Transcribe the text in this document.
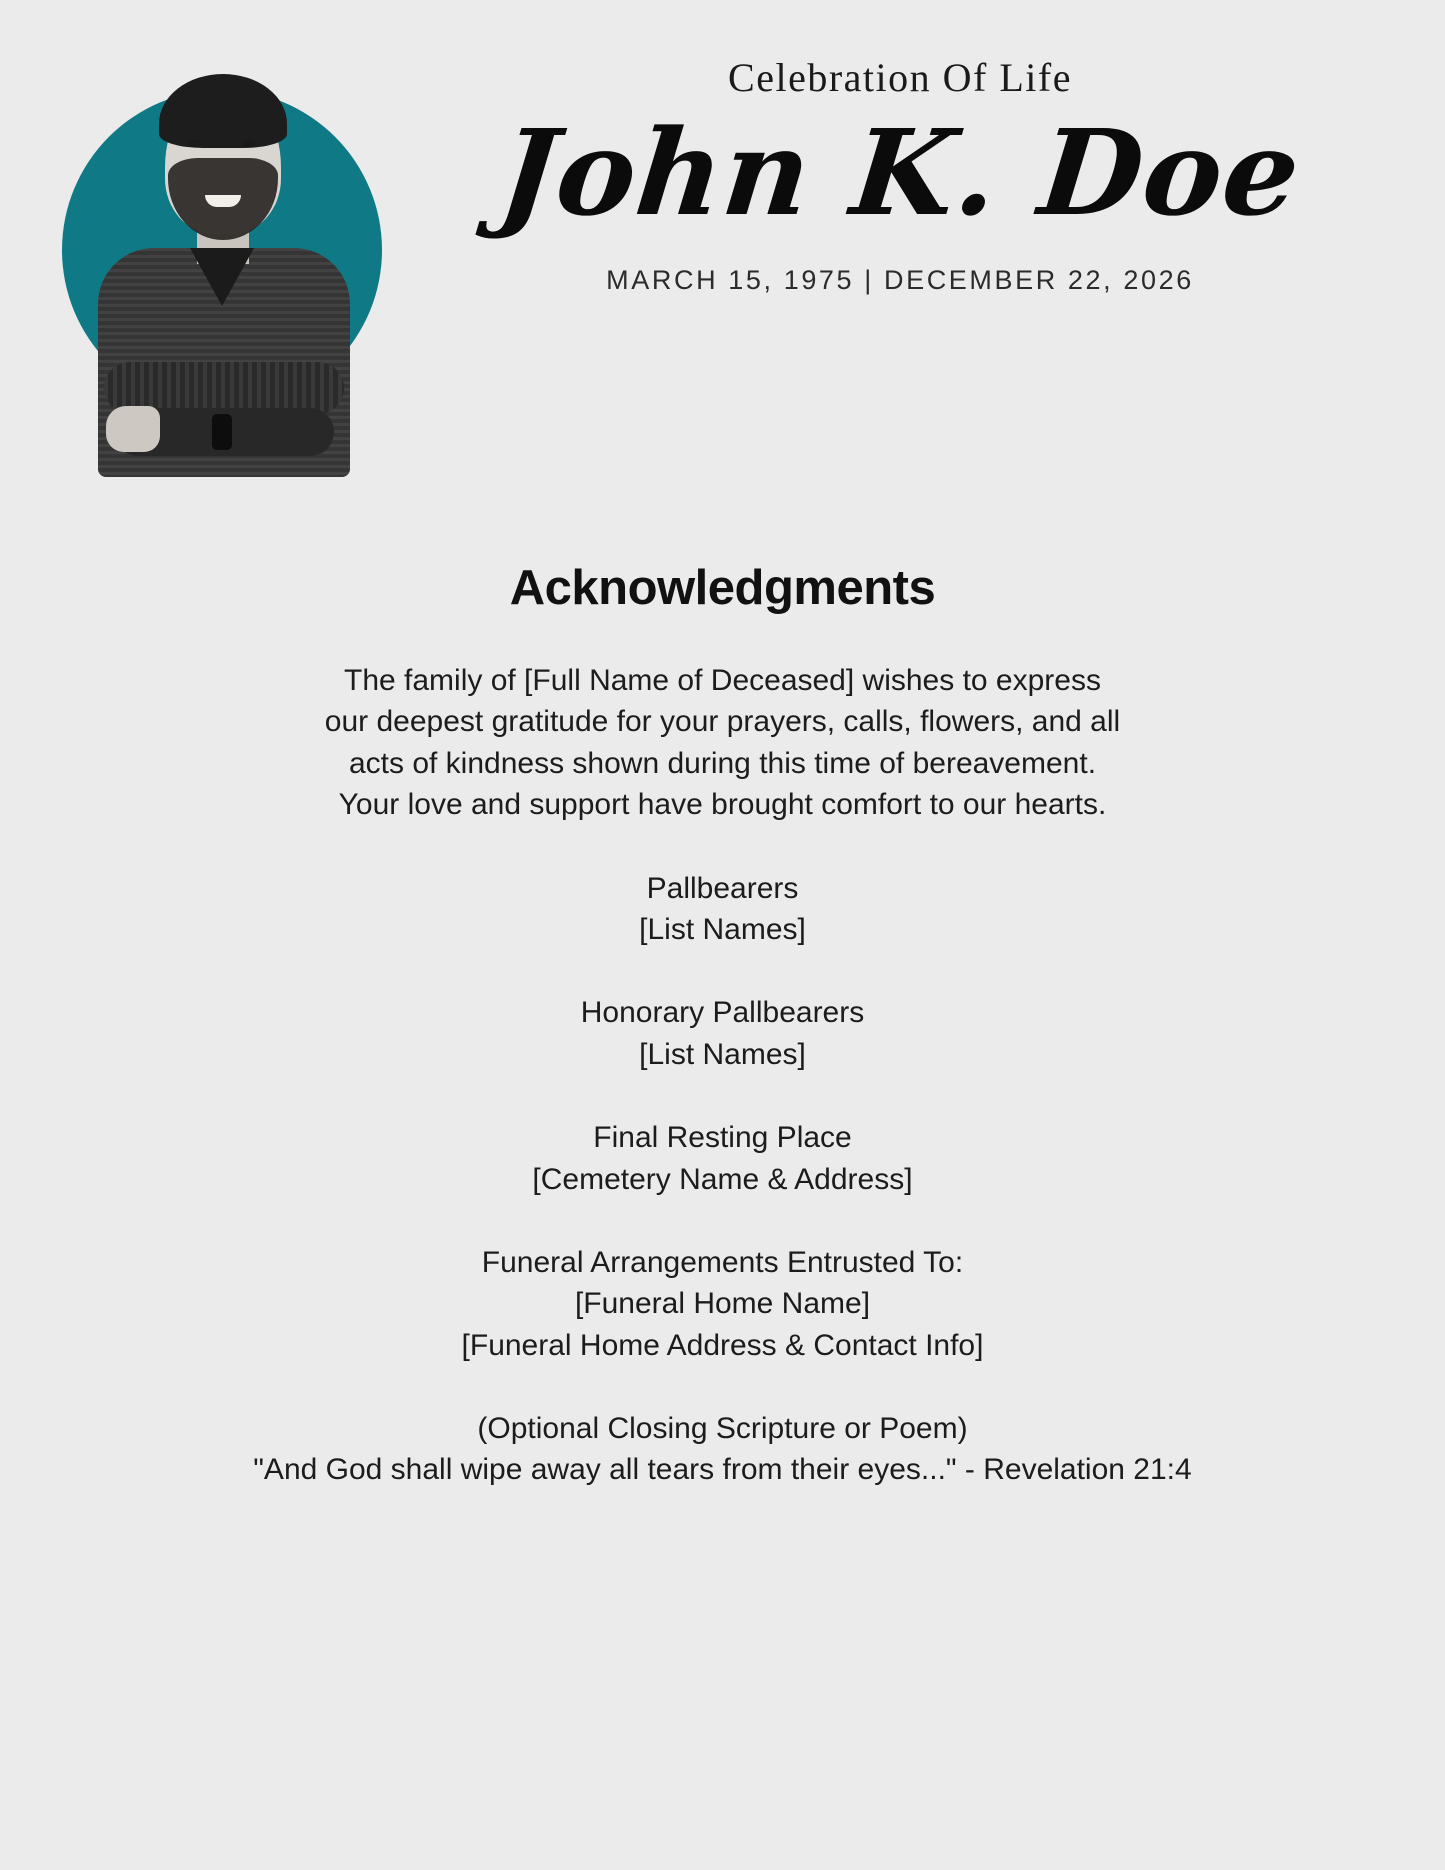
Celebration Of Life
John K. Doe
MARCH 15, 1975 | DECEMBER 22, 2026
Acknowledgments

The family of [Full Name of Deceased] wishes to express our deepest gratitude for your prayers, calls, flowers, and all acts of kindness shown during this time of bereavement. Your love and support have brought comfort to our hearts.

Pallbearers
[List Names]
Honorary Pallbearers
[List Names]
Final Resting Place
[Cemetery Name & Address]
Funeral Arrangements Entrusted To:
[Funeral Home Name]
[Funeral Home Address & Contact Info]
(Optional Closing Scripture or Poem)
"And God shall wipe away all tears from their eyes..." - Revelation 21:4
